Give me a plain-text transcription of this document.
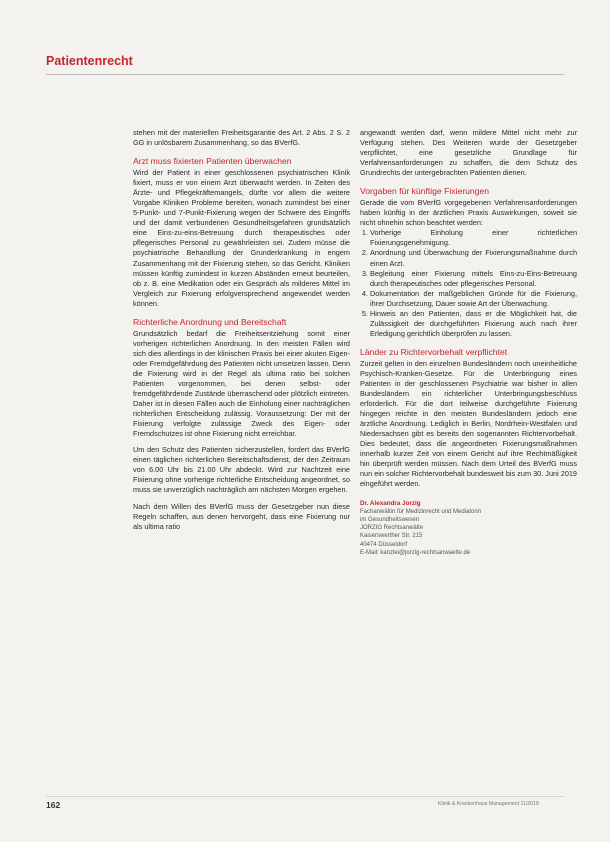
Patientenrecht

stehen mit der materiellen Freiheitsgarantie des Art. 2 Abs. 2 S. 2 GG in unlösbarem Zusammenhang, so das BVerfG.

Arzt muss fixierten Patienten überwachen

Wird der Patient in einer geschlossenen psychiatrischen Klinik fixiert, muss er von einem Arzt überwacht werden. In Zeiten des Ärzte- und Pflegekräftemangels, dürfte vor allem die weitere Vorgabe Kliniken Probleme bereiten, wonach zumindest bei einer 5-Punkt- und 7-Punkt-Fixierung wegen der Schwere des Eingriffs und der damit verbundenen Gesundheitsgefahren grundsätzlich eine Eins-zu-eins-Betreuung durch therapeutisches oder pflegerisches Personal zu gewährleisten sei. Zudem müsse die psychiatrische Behandlung der Grunderkrankung in engem Zusammenhang mit der Fixierung stehen, so das Gericht. Kliniken müssen künftig zumindest in kurzen Abständen erneut beurteilen, ob z. B. eine Medikation oder ein Gespräch als milderes Mittel im Vergleich zur Fixierung erfolgversprechend angewendet werden können.

Richterliche Anordnung und Bereitschaft

Grundsätzlich bedarf die Freiheitsentziehung somit einer vorherigen richterlichen Anordnung. In den meisten Fällen wird sich dies allerdings in der klinischen Praxis bei einer akuten Eigen- oder Fremdgefährdung des Patienten nicht umsetzen lassen. Denn die Fixierung wird in der Regel als ultima ratio bei solchen Patienten vorgenommen, bei denen selbst- oder fremdgefährdende Zustände überraschend oder plötzlich eintreten. Daher ist in diesen Fällen auch die Einholung einer nachträglichen richterlichen Entscheidung zulässig. Voraussetzung: Der mit der Fixierung verfolgte zulässige Zweck des Eigen- oder Fremdschutzes ist ohne Fixierung nicht erreichbar.

Um den Schutz des Patienten sicherzustellen, fordert das BVerfG einen täglichen richterlichen Bereitschaftsdienst, der den Zeitraum von 6.00 Uhr bis 21.00 Uhr abdeckt. Wird zur Nachtzeit eine Fixierung ohne vorherige richterliche Entscheidung angeordnet, so muss sie unverzüglich nachträglich am nächsten Morgen ergehen.

Nach dem Willen des BVerfG muss der Gesetzgeber nun diese Regeln schaffen, aus denen hervorgeht, dass eine Fixierung nur als ultima ratio

angewandt werden darf, wenn mildere Mittel nicht mehr zur Verfügung stehen. Des Weiteren wurde der Gesetzgeber verpflichtet, eine gesetzliche Grundlage für Verfahrensanforderungen zu schaffen, die dem Schutz des Grundrechts der untergebrachten Patienten dienen.

Vorgaben für künftige Fixierungen

Gerade die vom BVerfG vorgegebenen Verfahrensanforderungen haben künftig in der ärztlichen Praxis Auswirkungen, soweit sie nicht ohnehin schon beachtet werden:

1. Vorherige Einholung einer richterlichen Fixierungsgenehmigung.
2. Anordnung und Überwachung der Fixierungsmaßnahme durch einen Arzt.
3. Begleitung einer Fixierung mittels Eins-zu-Eins-Betreuung durch therapeutisches oder pflegerisches Personal.
4. Dokumentation der maßgeblichen Gründe für die Fixierung, ihrer Durchsetzung, Dauer sowie Art der Überwachung.
5. Hinweis an den Patienten, dass er die Möglichkeit hat, die Zulässigkeit der durchgeführten Fixierung auch nach ihrer Erledigung gerichtlich überprüfen zu lassen.
Länder zu Richtervorbehalt verpflichtet

Zurzeit gelten in den einzelnen Bundesländern noch uneinheitliche Psychisch-Kranken-Gesetze. Für die Unterbringung eines Patienten in der geschlossenen Psychiatrie war bisher in allen Bundesländern ein richterlicher Unterbringungsbeschluss erforderlich. Für die dort teilweise durchgeführte Fixierung hingegen reichte in den meisten Bundesländern jedoch eine ärztliche Anordnung. Lediglich in Berlin, Nordrhein-Westfalen und Niedersachsen gibt es bereits den sogenannten Richtervorbehalt. Dies bedeutet, dass die angeordneten Fixierungsmaßnahmen innerhalb kurzer Zeit von einem Gericht auf ihre Rechtmäßigkeit hin überprüft werden müssen. Nach dem Urteil des BVerfG muss nun ein solcher Richtervorbehalt bundesweit bis zum 30. Juni 2019 eingeführt werden.

Dr. Alexandra Jorzig
Fachanwältin für Medizinrecht und Mediatorin
im Gesundheitswesen
JORZIG Rechtsanwälte
Kaiserswerther Str. 215
40474 Düsseldorf
E-Mail: kanzlei@jorzig-rechtsanwaelte.de
162	Klinik & Krankenhaus Management 11/2018
